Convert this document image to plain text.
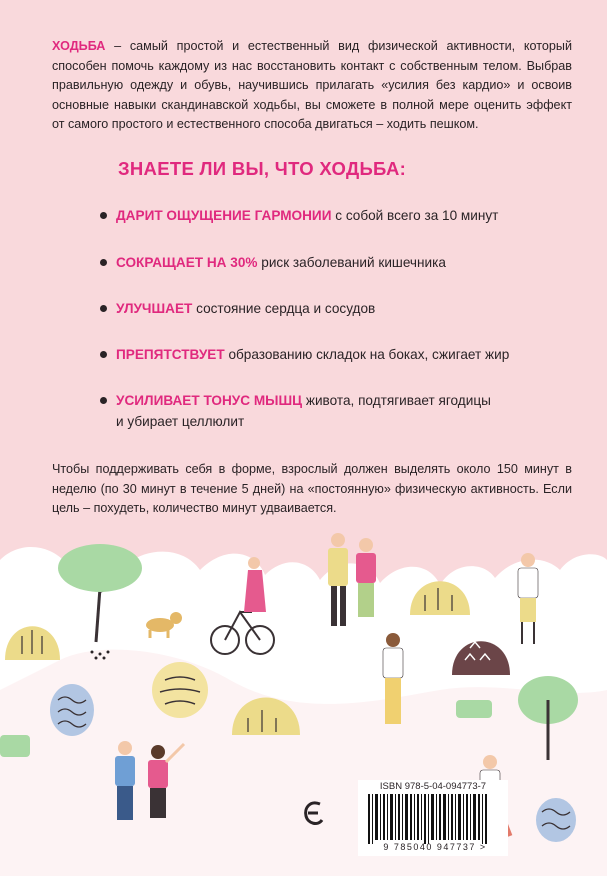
ХОДЬБА – самый простой и естественный вид физической активности, который способен помочь каждому из нас восстановить контакт с собственным телом. Выбрав правильную одежду и обувь, научившись прилагать «усилия без кардио» и освоив основные навыки скандинавской ходьбы, вы сможете в полной мере оценить эффект от самого простого и естественного способа двигаться – ходить пешком.

ЗНАЕТЕ ЛИ ВЫ, ЧТО ХОДЬБА:
ДАРИТ ОЩУЩЕНИЕ ГАРМОНИИ с собой всего за 10 минут
СОКРАЩАЕТ НА 30% риск заболеваний кишечника
УЛУЧШАЕТ состояние сердца и сосудов
ПРЕПЯТСТВУЕТ образованию складок на боках, сжигает жир
УСИЛИВАЕТ ТОНУС МЫШЦ живота, подтягивает ягодицы и убирает целлюлит

Чтобы поддерживать себя в форме, взрослый должен выделять около 150 минут в неделю (по 30 минут в течение 5 дней) на «постоянную» физическую активность. Если цель – похудеть, количество минут удваивается.

ISBN 978-5-04-094773-7
9 785040 947737 >
